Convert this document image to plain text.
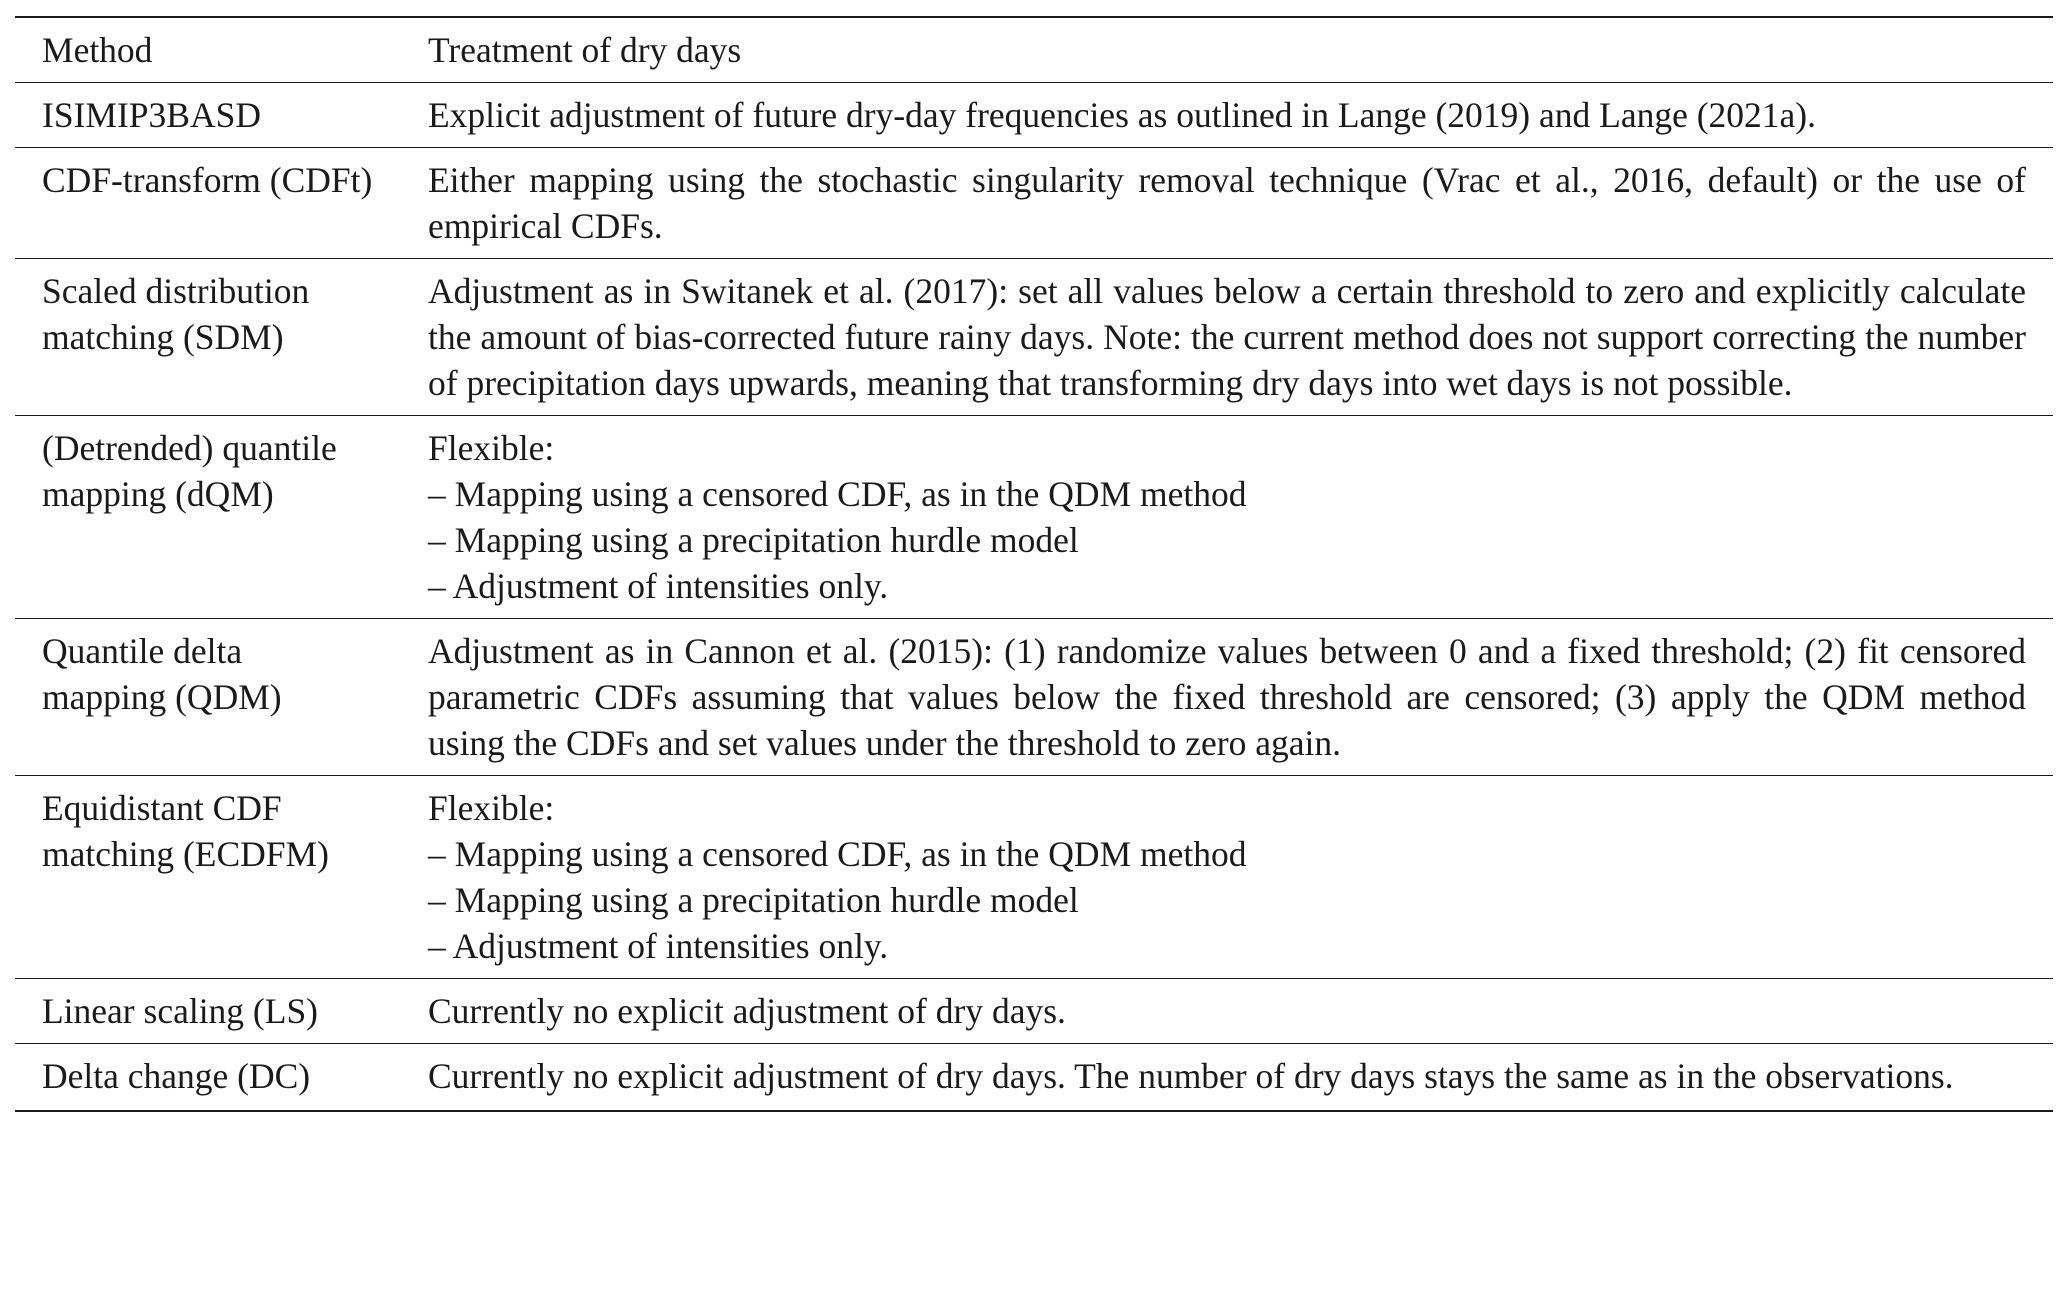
Method	Treatment of dry days

ISIMIP3BASD	Explicit adjustment of future dry-day frequencies as outlined in Lange (2019) and Lange (2021a).

CDF-transform (CDFt)	Either mapping using the stochastic singularity removal technique (Vrac et al., 2016, default) or the use of empirical CDFs.

Scaled distribution
matching (SDM)	Adjustment as in Switanek et al. (2017): set all values below a certain threshold to zero and explicitly calculate the amount of bias-corrected future rainy days. Note: the current method does not support correcting the number of precipitation days upwards, meaning that transforming dry days into wet days is not possible.

(Detrended) quantile
mapping (dQM)	Flexible:
– Mapping using a censored CDF, as in the QDM method
– Mapping using a precipitation hurdle model
– Adjustment of intensities only.

Quantile delta
mapping (QDM)	Adjustment as in Cannon et al. (2015): (1) randomize values between 0 and a fixed threshold; (2) fit censored parametric CDFs assuming that values below the fixed threshold are censored; (3) apply the QDM method using the CDFs and set values under the threshold to zero again.

Equidistant CDF
matching (ECDFM)	Flexible:
– Mapping using a censored CDF, as in the QDM method
– Mapping using a precipitation hurdle model
– Adjustment of intensities only.

Linear scaling (LS)	Currently no explicit adjustment of dry days.

Delta change (DC)	Currently no explicit adjustment of dry days. The number of dry days stays the same as in the observations.
